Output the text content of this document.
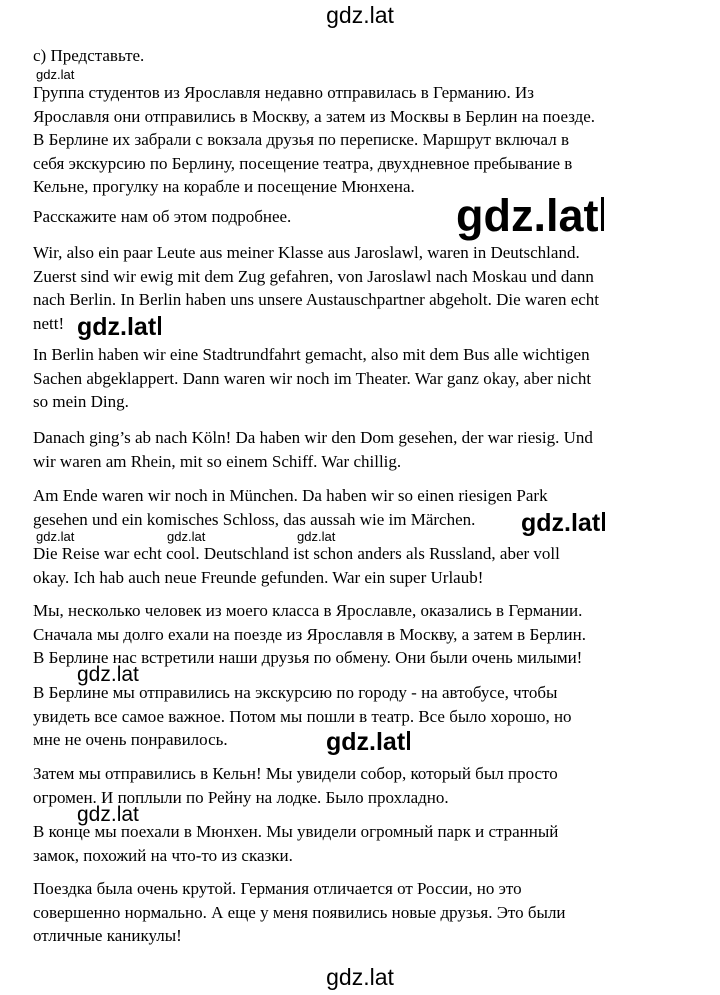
gdz.lat
gdz.lat
gdz.lat
gdz.lat
gdz.lat
gdz.lat	gdz.lat	gdz.lat
gdz.lat
gdz.lat
gdz.lat
gdz.lat
с) Представьте.
Группа студентов из Ярославля недавно отправилась в Германию. Из
Ярославля они отправились в Москву, а затем из Москвы в Берлин на поезде.
В Берлине их забрали с вокзала друзья по переписке. Маршрут включал в
себя экскурсию по Берлину, посещение театра, двухдневное пребывание в
Кельне, прогулку на корабле и посещение Мюнхена.
Расскажите нам об этом подробнее.
Wir, also ein paar Leute aus meiner Klasse aus Jaroslawl, waren in Deutschland.
Zuerst sind wir ewig mit dem Zug gefahren, von Jaroslawl nach Moskau und dann
nach Berlin. In Berlin haben uns unsere Austauschpartner abgeholt. Die waren echt
nett!
In Berlin haben wir eine Stadtrundfahrt gemacht, also mit dem Bus alle wichtigen
Sachen abgeklappert. Dann waren wir noch im Theater. War ganz okay, aber nicht
so mein Ding.
Danach ging’s ab nach Köln! Da haben wir den Dom gesehen, der war riesig. Und
wir waren am Rhein, mit so einem Schiff. War chillig.
Am Ende waren wir noch in München. Da haben wir so einen riesigen Park
gesehen und ein komisches Schloss, das aussah wie im Märchen.
Die Reise war echt cool. Deutschland ist schon anders als Russland, aber voll
okay. Ich hab auch neue Freunde gefunden. War ein super Urlaub!
Мы, несколько человек из моего класса в Ярославле, оказались в Германии.
Сначала мы долго ехали на поезде из Ярославля в Москву, а затем в Берлин.
В Берлине нас встретили наши друзья по обмену. Они были очень милыми!
В Берлине мы отправились на экскурсию по городу - на автобусе, чтобы
увидеть все самое важное. Потом мы пошли в театр. Все было хорошо, но
мне не очень понравилось.
Затем мы отправились в Кельн! Мы увидели собор, который был просто
огромен. И поплыли по Рейну на лодке. Было прохладно.
В конце мы поехали в Мюнхен. Мы увидели огромный парк и странный
замок, похожий на что-то из сказки.
Поездка была очень крутой. Германия отличается от России, но это
совершенно нормально. А еще у меня появились новые друзья. Это были
отличные каникулы!
